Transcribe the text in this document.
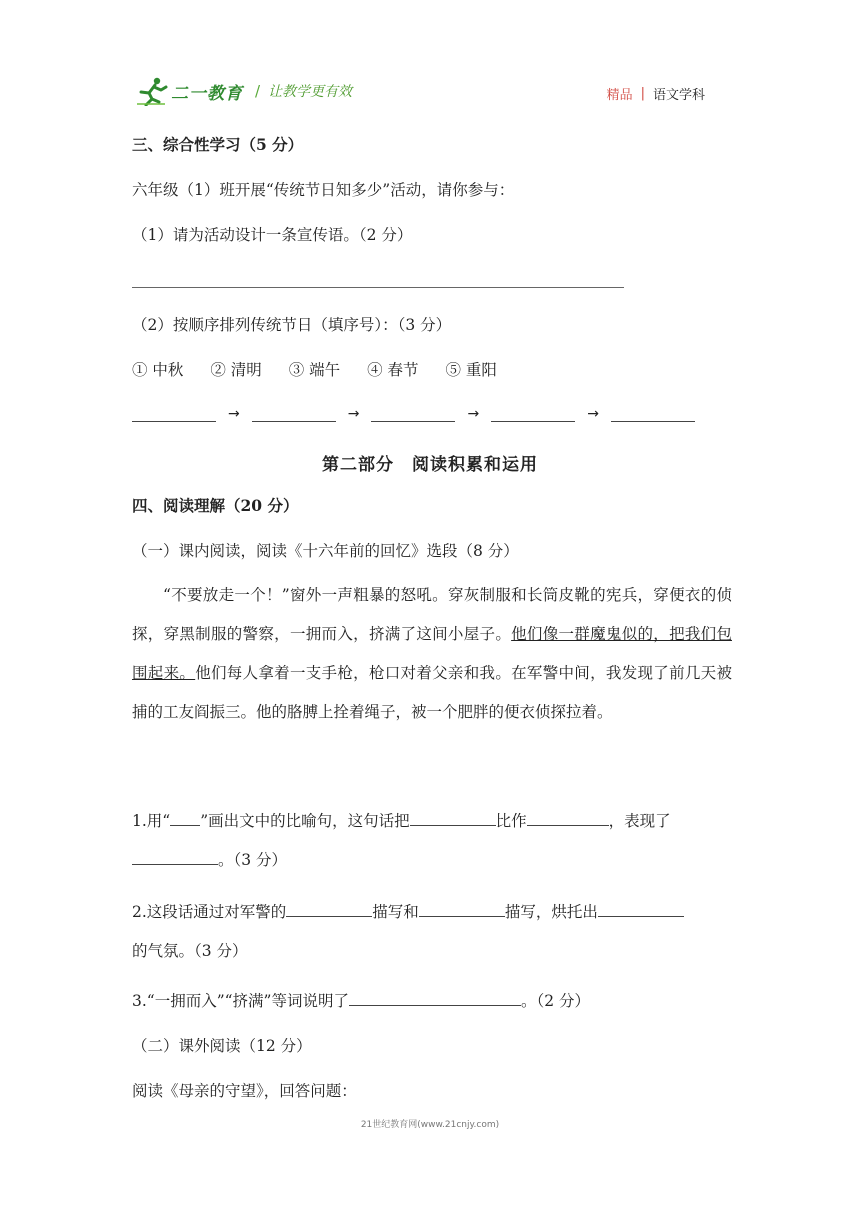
二一教育 / 让教学更有效	精品 | 语文学科
三、综合性学习（5 分）
六年级（1）班开展“传统节日知多少”活动，请你参与：
（1）请为活动设计一条宣传语。（2 分）
（2）按顺序排列传统节日（填序号）：（3 分）
① 中秋 ② 清明 ③ 端午 ④ 春节 ⑤ 重阳
→	→	→	→
第二部分　阅读积累和运用
四、阅读理解（20 分）
（一）课内阅读，阅读《十六年前的回忆》选段（8 分）
“不要放走一个！”窗外一声粗暴的怒吼。穿灰制服和长筒皮靴的宪兵，穿便衣的侦探，穿黑制服的警察，一拥而入，挤满了这间小屋子。他们像一群魔鬼似的，把我们包围起来。他们每人拿着一支手枪，枪口对着父亲和我。在军警中间，我发现了前几天被捕的工友阎振三。他的胳膊上拴着绳子，被一个肥胖的便衣侦探拉着。
1.用“ ”画出文中的比喻句，这句话把	比作	，表现了
。（3 分）
2.这段话通过对军警的	描写和	描写，烘托出
的气氛。（3 分）
3.“一拥而入”“挤满”等词说明了	。（2 分）
（二）课外阅读（12 分）
阅读《母亲的守望》，回答问题：
21世纪教育网(www.21cnjy.com)
